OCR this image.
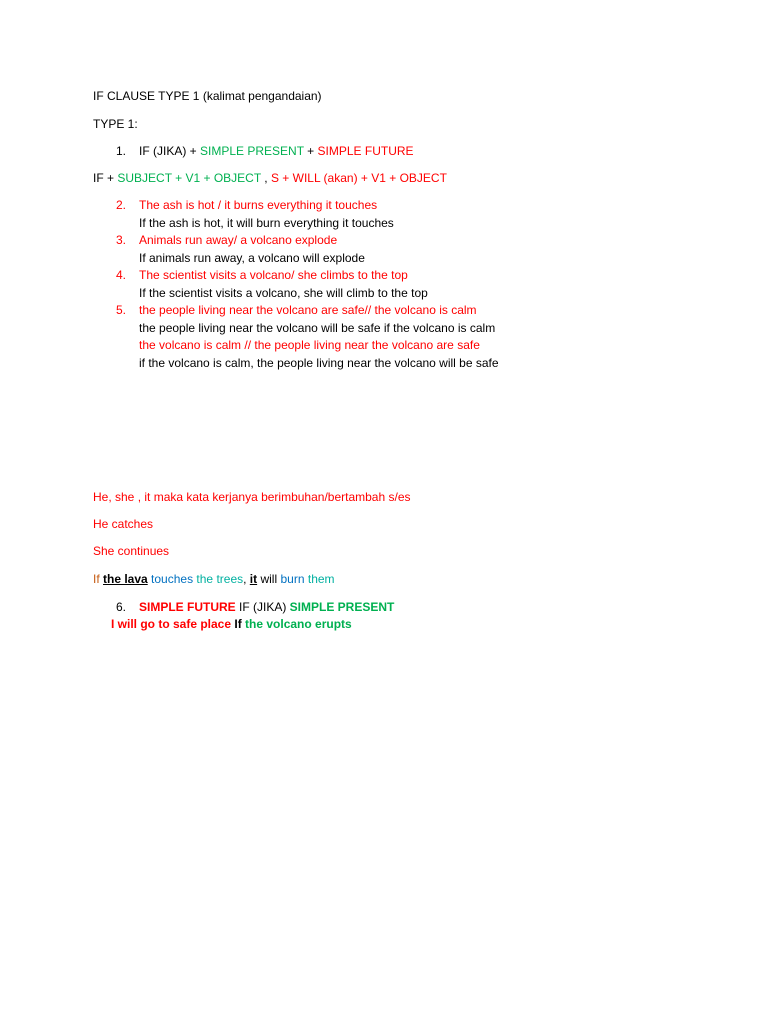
IF CLAUSE TYPE 1 (kalimat pengandaian)
TYPE 1:
1. IF (JIKA) + SIMPLE PRESENT + SIMPLE FUTURE
IF + SUBJECT + V1 + OBJECT , S + WILL (akan) + V1 + OBJECT
2. The ash is hot / it burns everything it touches
If the ash is hot, it will burn everything it touches
3. Animals run away/ a volcano explode
If animals run away, a volcano will explode
4. The scientist visits a volcano/ she climbs to the top
If the scientist visits a volcano, she will climb to the top
5. the people living near the volcano are safe// the volcano is calm
the people living near the volcano will be safe if the volcano is calm
the volcano is calm // the people living near the volcano are safe
if the volcano is calm, the people living near the volcano will be safe
He, she , it maka kata kerjanya berimbuhan/bertambah s/es
He catches
She continues
If the lava touches the trees, it will burn them
6. SIMPLE FUTURE IF (JIKA) SIMPLE PRESENT
I will go to safe place If the volcano erupts
